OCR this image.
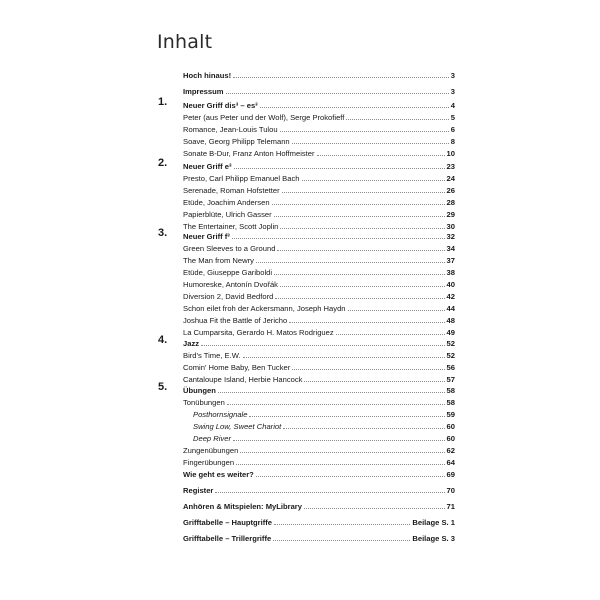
Inhalt
Hoch hinaus!	3
Impressum	3
1. Neuer Griff dis³ – es³	4
Peter (aus Peter und der Wolf), Serge Prokofieff	5
Romance, Jean-Louis Tulou	6
Soave, Georg Philipp Telemann	8
Sonate B-Dur, Franz Anton Hoffmeister	10
2. Neuer Griff e³	23
Presto, Carl Philipp Emanuel Bach	24
Serenade, Roman Hofstetter	26
Etüde, Joachim Andersen	28
Papierblüte, Ulrich Gasser	29
The Entertainer, Scott Joplin	30
3. Neuer Griff f³	32
Green Sleeves to a Ground	34
The Man from Newry	37
Etüde, Giuseppe Gariboldi	38
Humoreske, Antonín Dvořák	40
Diversion 2, David Bedford	42
Schon eilet froh der Ackersmann, Joseph Haydn	44
Joshua Fit the Battle of Jericho	48
La Cumparsita, Gerardo H. Matos Rodriguez	49
4. Jazz	52
Bird's Time, E.W.	52
Comin' Home Baby, Ben Tucker	56
Cantaloupe Island, Herbie Hancock	57
5. Übungen	58
Tonübungen	58
Posthornsignale	59
Swing Low, Sweet Chariot	60
Deep River	60
Zungenübungen	62
Fingerübungen	64
Wie geht es weiter?	69
Register	70
Anhören & Mitspielen: MyLibrary	71
Grifftabelle – Hauptgriffe	Beilage S. 1
Grifftabelle – Trillergriffe	Beilage S. 3
